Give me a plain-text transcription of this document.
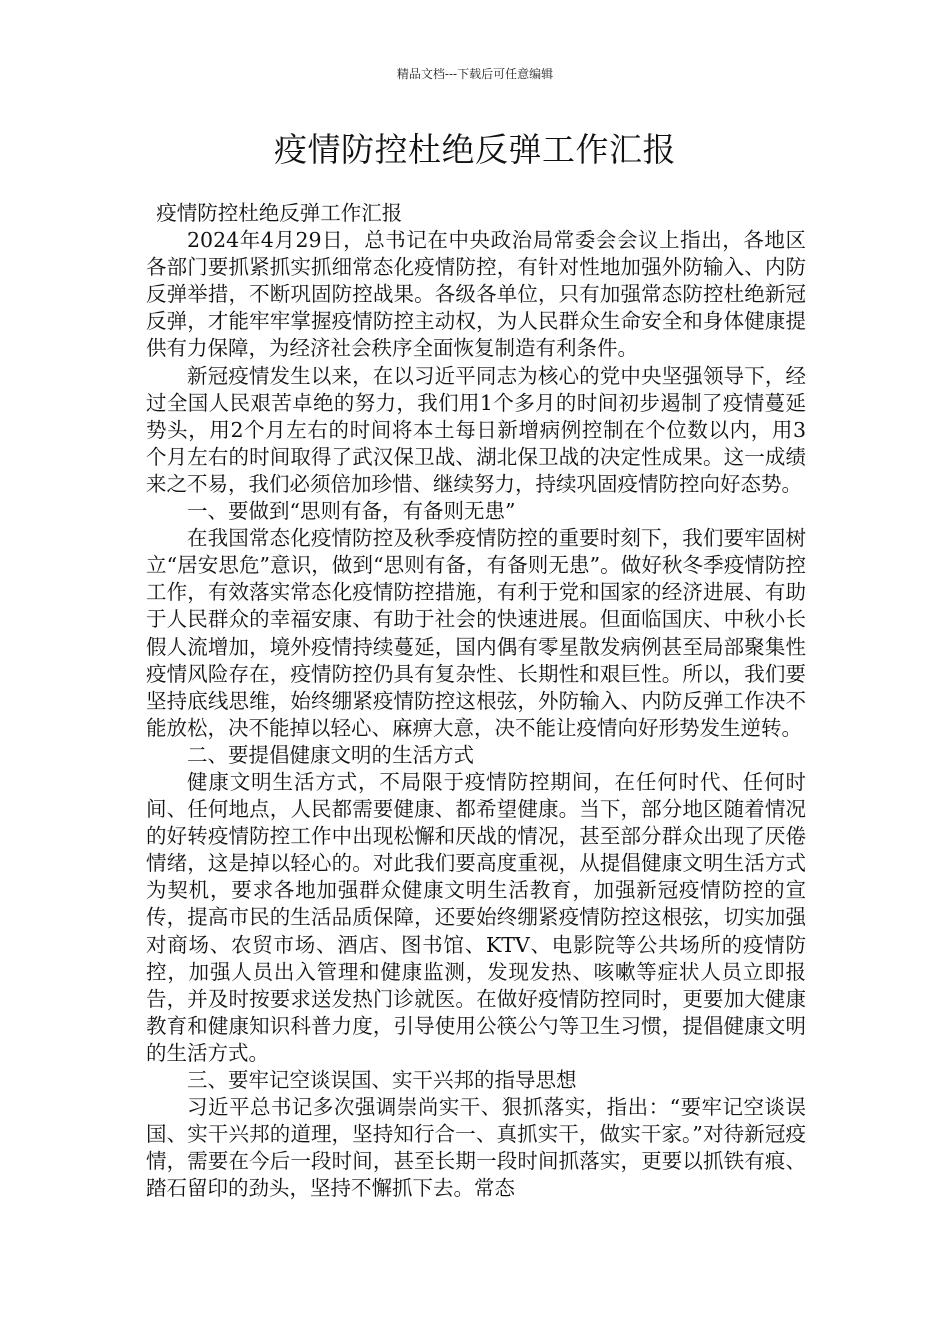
精品文档---下载后可任意编辑
疫情防控杜绝反弹工作汇报

疫情防控杜绝反弹工作汇报

2024年4月29日，总书记在中央政治局常委会会议上指出，各地区各部门要抓紧抓实抓细常态化疫情防控，有针对性地加强外防输入、内防反弹举措，不断巩固防控战果。各级各单位，只有加强常态防控杜绝新冠反弹，才能牢牢掌握疫情防控主动权，为人民群众生命安全和身体健康提供有力保障，为经济社会秩序全面恢复制造有利条件。

新冠疫情发生以来，在以习近平同志为核心的党中央坚强领导下，经过全国人民艰苦卓绝的努力，我们用1个多月的时间初步遏制了疫情蔓延势头，用2个月左右的时间将本土每日新增病例控制在个位数以内，用3个月左右的时间取得了武汉保卫战、湖北保卫战的决定性成果。这一成绩来之不易，我们必须倍加珍惜、继续努力，持续巩固疫情防控向好态势。

一、要做到“思则有备，有备则无患”

在我国常态化疫情防控及秋季疫情防控的重要时刻下，我们要牢固树立“居安思危”意识，做到“思则有备，有备则无患”。做好秋冬季疫情防控工作，有效落实常态化疫情防控措施，有利于党和国家的经济进展、有助于人民群众的幸福安康、有助于社会的快速进展。但面临国庆、中秋小长假人流增加，境外疫情持续蔓延，国内偶有零星散发病例甚至局部聚集性疫情风险存在，疫情防控仍具有复杂性、长期性和艰巨性。所以，我们要坚持底线思维，始终绷紧疫情防控这根弦，外防输入、内防反弹工作决不能放松，决不能掉以轻心、麻痹大意，决不能让疫情向好形势发生逆转。

二、要提倡健康文明的生活方式

健康文明生活方式，不局限于疫情防控期间，在任何时代、任何时间、任何地点，人民都需要健康、都希望健康。当下，部分地区随着情况的好转疫情防控工作中出现松懈和厌战的情况，甚至部分群众出现了厌倦情绪，这是掉以轻心的。对此我们要高度重视，从提倡健康文明生活方式为契机，要求各地加强群众健康文明生活教育，加强新冠疫情防控的宣传，提高市民的生活品质保障，还要始终绷紧疫情防控这根弦，切实加强对商场、农贸市场、酒店、图书馆、KTV、电影院等公共场所的疫情防控，加强人员出入管理和健康监测，发现发热、咳嗽等症状人员立即报告，并及时按要求送发热门诊就医。在做好疫情防控同时，更要加大健康教育和健康知识科普力度，引导使用公筷公勺等卫生习惯，提倡健康文明的生活方式。

三、要牢记空谈误国、实干兴邦的指导思想

习近平总书记多次强调崇尚实干、狠抓落实，指出：“要牢记空谈误国、实干兴邦的道理，坚持知行合一、真抓实干，做实干家。”对待新冠疫情，需要在今后一段时间，甚至长期一段时间抓落实，更要以抓铁有痕、踏石留印的劲头，坚持不懈抓下去。常态
